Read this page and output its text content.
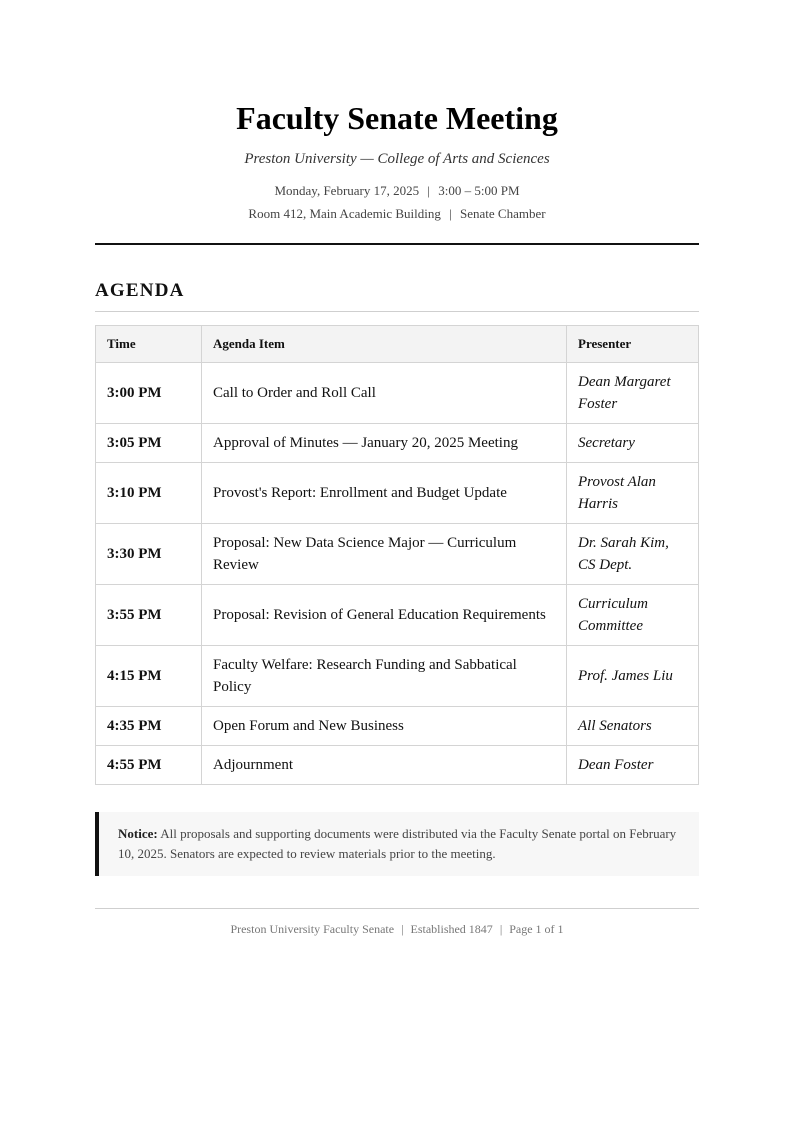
Faculty Senate Meeting
Preston University — College of Arts and Sciences
Monday, February 17, 2025 | 3:00 – 5:00 PM
Room 412, Main Academic Building | Senate Chamber
AGENDA
Time	Agenda Item	Presenter
3:00 PM	Call to Order and Roll Call	Dean Margaret Foster
3:05 PM	Approval of Minutes — January 20, 2025 Meeting	Secretary
3:10 PM	Provost's Report: Enrollment and Budget Update	Provost Alan Harris
3:30 PM	Proposal: New Data Science Major — Curriculum Review	Dr. Sarah Kim, CS Dept.
3:55 PM	Proposal: Revision of General Education Requirements	Curriculum Committee
4:15 PM	Faculty Welfare: Research Funding and Sabbatical Policy	Prof. James Liu
4:35 PM	Open Forum and New Business	All Senators
4:55 PM	Adjournment	Dean Foster
Notice: All proposals and supporting documents were distributed via the Faculty Senate portal on February 10, 2025. Senators are expected to review materials prior to the meeting.
Preston University Faculty Senate | Established 1847 | Page 1 of 1
